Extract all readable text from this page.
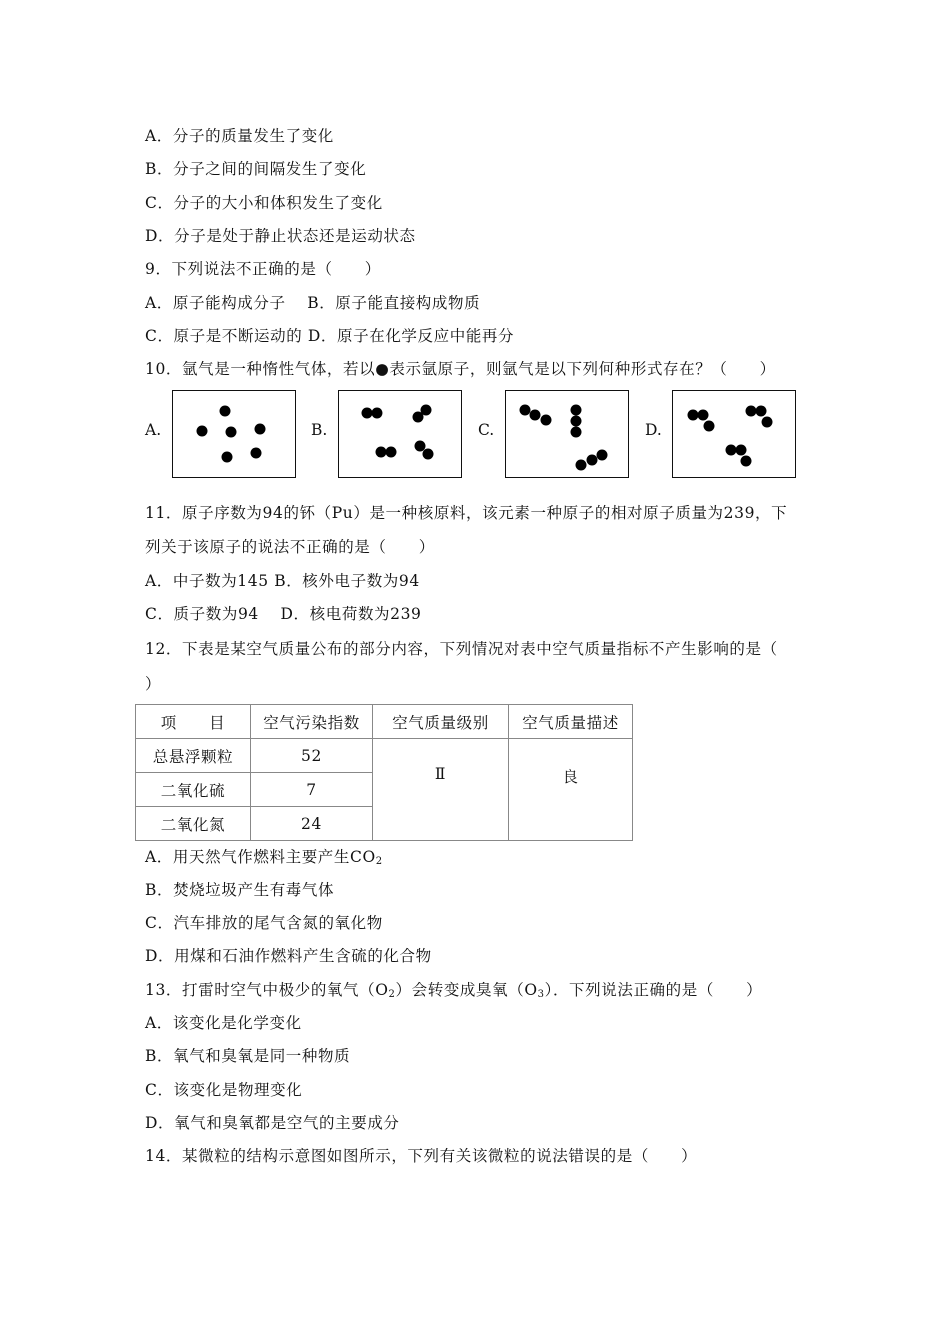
A．分子的质量发生了变化
B．分子之间的间隔发生了变化
C．分子的大小和体积发生了变化
D．分子是处于静止状态还是运动状态
9．下列说法不正确的是（　　）
A．原子能构成分子　 B．原子能直接构成物质
C．原子是不断运动的 D．原子在化学反应中能再分
10．氩气是一种惰性气体，若以●表示氩原子，则氩气是以下列何种形式存在？（　　）
A.	B.	C.	D.
11．原子序数为94的钚（Pu）是一种核原料，该元素一种原子的相对原子质量为239，下
列关于该原子的说法不正确的是（　　）
A．中子数为145 B．核外电子数为94
C．质子数为94　 D．核电荷数为239
12．下表是某空气质量公布的部分内容，下列情况对表中空气质量指标不产生影响的是（
）
项　　目	空气污染指数	空气质量级别	空气质量描述
总悬浮颗粒	52	Ⅱ	良
二氧化硫	7		
二氧化氮	24		
A．用天然气作燃料主要产生$CO_2$
B．焚烧垃圾产生有毒气体
C．汽车排放的尾气含氮的氧化物
D．用煤和石油作燃料产生含硫的化合物
13．打雷时空气中极少的氧气$(O_2)$会转变成臭氧$(O_3)$．下列说法正确的是（　　）
A．该变化是化学变化
B．氧气和臭氧是同一种物质
C．该变化是物理变化
D．氧气和臭氧都是空气的主要成分
14．某微粒的结构示意图如图所示，下列有关该微粒的说法错误的是（　　）
